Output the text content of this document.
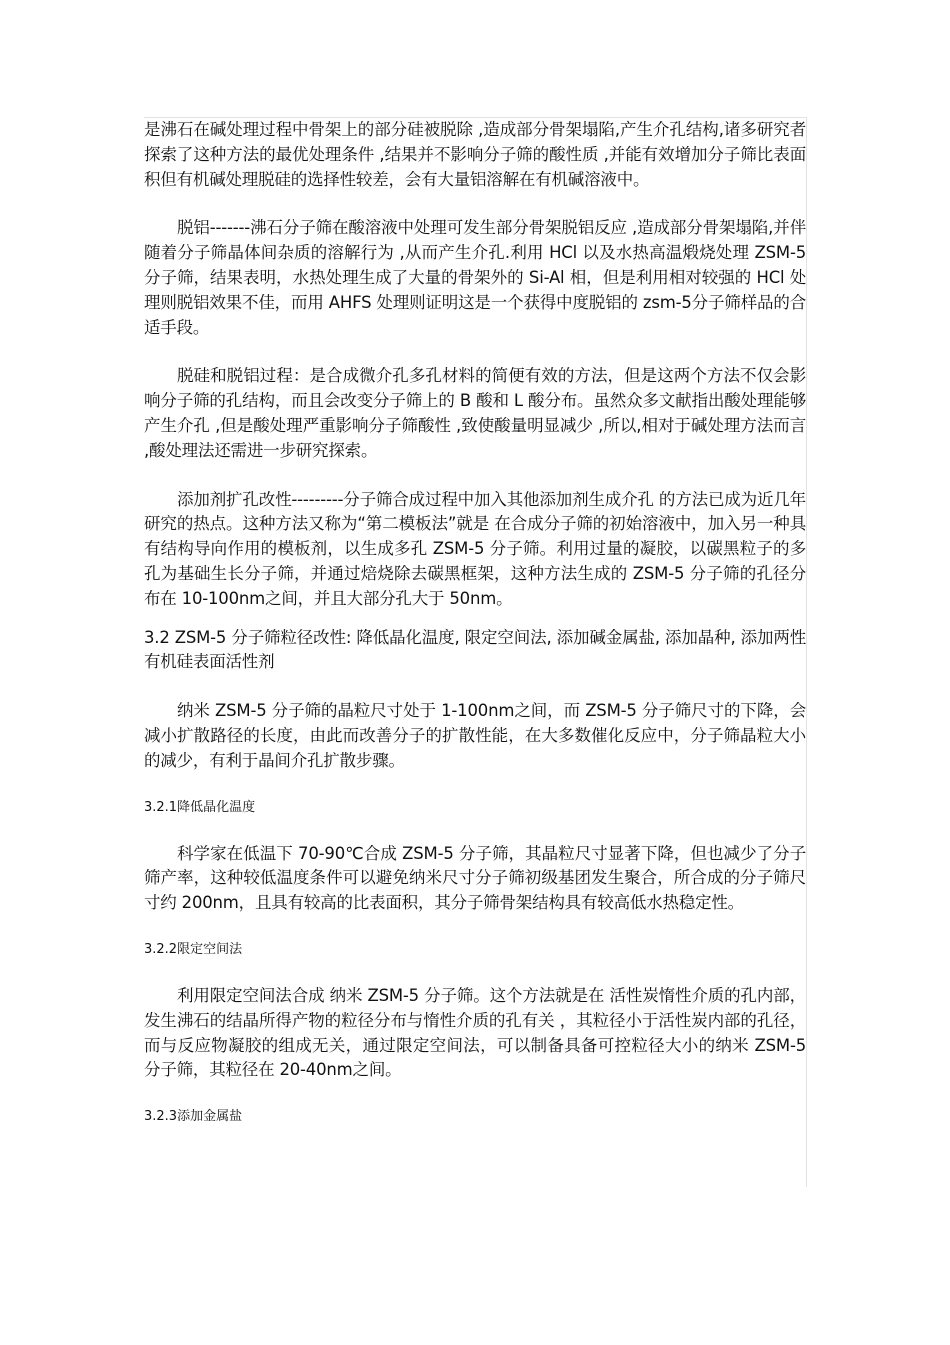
是沸石在碱处理过程中骨架上的部分硅被脱除 ,造成部分骨架塌陷,产生介孔结构,诸多研究者探索了这种方法的最优处理条件 ,结果并不影响分子筛的酸性质 ,并能有效增加分子筛比表面积但有机碱处理脱硅的选择性较差，会有大量铝溶解在有机碱溶液中。

脱铝-------沸石分子筛在酸溶液中处理可发生部分骨架脱铝反应 ,造成部分骨架塌陷,并伴随着分子筛晶体间杂质的溶解行为 ,从而产生介孔.利用 HCl 以及水热高温煅烧处理 ZSM-5 分子筛，结果表明，水热处理生成了大量的骨架外的 Si-Al 相，但是利用相对较强的 HCl 处理则脱铝效果不佳，而用 AHFS 处理则证明这是一个获得中度脱铝的 zsm-5分子筛样品的合适手段。

脱硅和脱铝过程：是合成微介孔多孔材料的简便有效的方法，但是这两个方法不仅会影响分子筛的孔结构，而且会改变分子筛上的 B 酸和 L 酸分布。虽然众多文献指出酸处理能够产生介孔 ,但是酸处理严重影响分子筛酸性 ,致使酸量明显减少 ,所以,相对于碱处理方法而言 ,酸处理法还需进一步研究探索。

添加剂扩孔改性---------分子筛合成过程中加入其他添加剂生成介孔 的方法已成为近几年研究的热点。这种方法又称为“第二模板法”就是 在合成分子筛的初始溶液中，加入另一种具有结构导向作用的模板剂，以生成多孔 ZSM-5 分子筛。利用过量的凝胶，以碳黑粒子的多孔为基础生长分子筛，并通过焙烧除去碳黑框架，这种方法生成的 ZSM-5 分子筛的孔径分布在 10-100nm之间，并且大部分孔大于 50nm。

3.2 ZSM-5 分子筛粒径改性: 降低晶化温度, 限定空间法, 添加碱金属盐, 添加晶种, 添加两性有机硅表面活性剂

纳米 ZSM-5 分子筛的晶粒尺寸处于 1-100nm之间，而 ZSM-5 分子筛尺寸的下降，会减小扩散路径的长度，由此而改善分子的扩散性能，在大多数催化反应中，分子筛晶粒大小的减少，有利于晶间介孔扩散步骤。

3.2.1降低晶化温度

科学家在低温下 70-90℃合成 ZSM-5 分子筛，其晶粒尺寸显著下降，但也减少了分子筛产率，这种较低温度条件可以避免纳米尺寸分子筛初级基团发生聚合，所合成的分子筛尺寸约 200nm，且具有较高的比表面积，其分子筛骨架结构具有较高低水热稳定性。

3.2.2限定空间法

利用限定空间法合成 纳米 ZSM-5 分子筛。这个方法就是在 活性炭惰性介质的孔内部，发生沸石的结晶所得产物的粒径分布与惰性介质的孔有关 ，其粒径小于活性炭内部的孔径，而与反应物凝胶的组成无关，通过限定空间法，可以制备具备可控粒径大小的纳米 ZSM-5 分子筛，其粒径在 20-40nm之间。

3.2.3添加金属盐
